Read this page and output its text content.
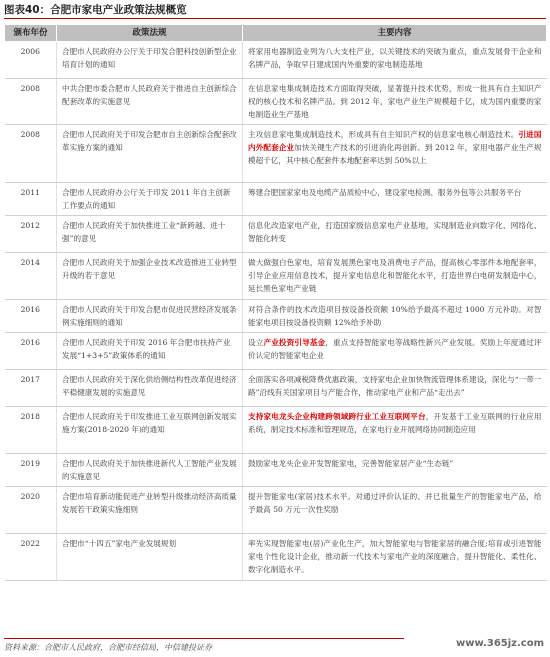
图表40：合肥市家电产业政策法规概览
颁布年份	政策法规	主要内容
2006	合肥市人民政府办公厅关于印发合肥科技创新型企业培育计划的通知	将家用电器制造业列为八大支柱产业，以关键技术的突破为重点，重点发展骨干企业和名牌产品，争取早日建成国内外重要的家电制造基地
2008	中共合肥市委合肥市人民政府关于推进自主创新综合配套改革的实施意见	在信息家电集成制造技术方面取得突破，显著提升技术优势，形成一批具有自主知识产权的核心技术和名牌产品。到 2012 年，家电产业生产规模超千亿，成为国内重要的家电制造业生产基地
2008	合肥市人民政府关于印发合肥市自主创新综合配套改革实施方案的通知	主攻信息家电集成制造技术，形成具有自主知识产权的信息家电核心制造技术。引进国内外配套企业加快关键生产技术的引进消化再创新。到 2012 年，家用电器产业生产规模超千亿，其中核心配套件本地配套率达到 50%以上
2011	合肥市人民政府办公厅关于印发 2011 年自主创新工作要点的通知	筹建合肥国家家电及电缆产品质检中心，建设家电检测、服务外包等公共服务平台
2012	合肥市人民政府关于加快推进工业“新跨越、进十强”的意见	信息化改造家电产业，打造国家级信息家电产业基地，实现制造业向数字化、网络化、智能化转变
2014	合肥市人民政府关于加强企业技术改造推进工业转型升级的若干意见	做大做强白色家电，培育发展黑色家电及消费电子产品，提高核心零部件本地配套率，引导企业应用信息技术，提升家电信息化和智能化水平，打造世界白电研发制造中心，延长黑色家电产业链
2016	合肥市人民政府关于印发合肥市促进民营经济发展条例实施细则的通知	对符合条件的技术改造项目按设备投资额 10%给予最高不超过 1000 万元补助。对智能家电项目按设备投资额 12%给予补助
2016	合肥市人民政府关于印发 2016 年合肥市扶持产业发展“1+3+5”政策体系的通知	设立产业投资引导基金，重点支持智能家电等战略性新兴产业发展。奖励上年度通过评价认定的智能家电企业
2017	合肥市人民政府关于深化供给侧结构性改革促进经济平稳健康发展的实施意见	全面落实各项减税降费优惠政策，支持家电企业加快物流管理体系建设，深化与“一带一路”沿线有关国家项目与产能合作，推动家电产业和产品“走出去”
2018	合肥市人民政府关于印发推进工业互联网创新发展实施方案(2018-2020 年)的通知	支持家电龙头企业构建跨领域跨行业工业互联网平台，开发基于工业互联网的行业应用系统，制定技术标准和管理规范，在家电行业开展网络协同制造应用
2019	合肥市人民政府关于加快推进新代人工智能产业发展的实施意见	鼓励家电龙头企业开发智能家电，完善智能家居产业“生态链”
2020	合肥市培育新动能促进产业转型升级推动经济高质量发展若干政策实施细则	提升智能家电(家居)技术水平。对通过评价认证的、并已批量生产的智能家电产品，给予最高 50 万元一次性奖励
2022	合肥市“十四五”家电产业发展规划	率先实现智能家电(居)产业化生产，加大智能家电与智能家居的融合度;培育或引进智能家电个性化设计企业，推动新一代技术与家电产业的深度融合，提升智能化、柔性化、数字化制造水平。
资料来源：合肥市人民政府，合肥市经信局，中信建投证券	www.365jz.com
